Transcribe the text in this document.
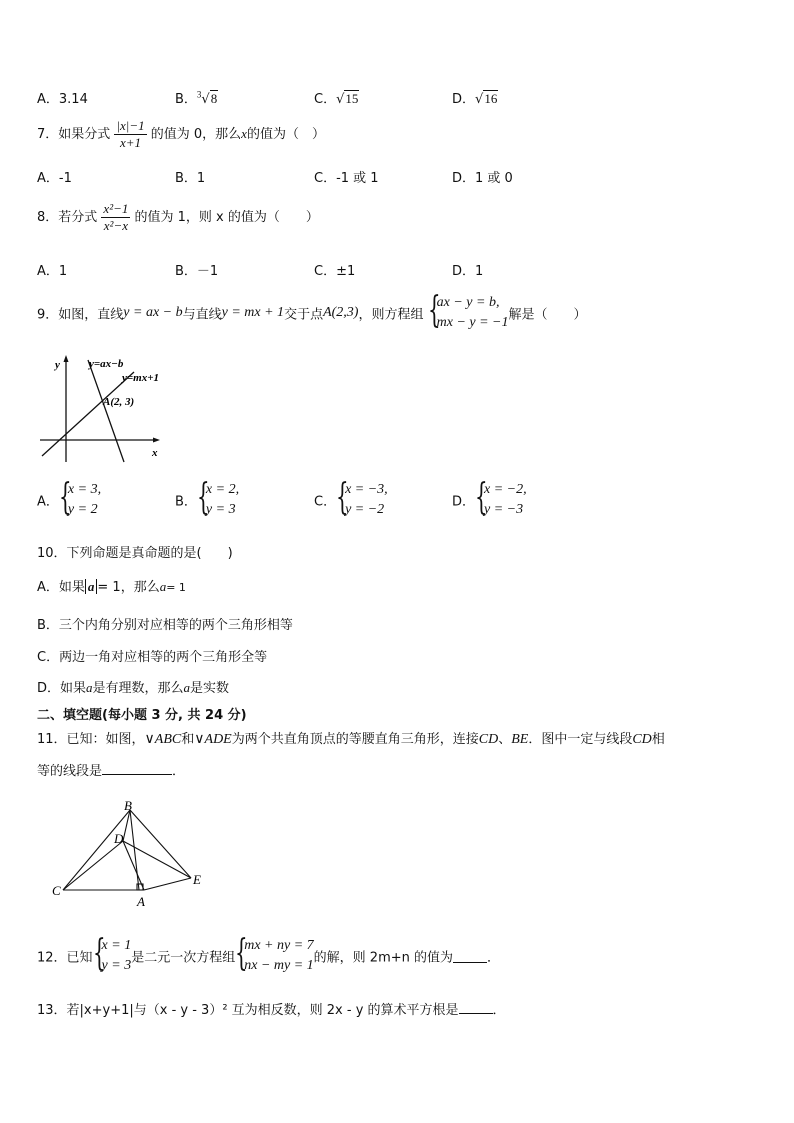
A．3.14	B．$^3$√8	C．√15	D．√16
7．如果分式 $\frac{|x|-1}{x+1}$ 的值为 0，那么x的值为（　）
A．-1	B．1	C．-1 或 1	D．1 或 0
8．若分式 $\frac{\text{x²−1}}{\text{x²−x}}$ 的值为 1，则 x 的值为（　　）
A．1	B．－1	C．±1	D．1
9．如图，直线y = ax − b与直线y = mx + 1交于点A(2,3)，则方程组 {
ax − y = b,
mx − y = −1 解是（　　）
y
x
y=ax−b
y=mx+1
A(2, 3)
A． {
x = 3,
y = 2	B． {
x = 2,
y = 3	C． {
x = −3,
y = −2	D． {
x = −2,
y = −3
10．下列命题是真命题的是(　　)
A．如果 a = 1，那么a= 1
B．三个内角分别对应相等的两个三角形相等
C．两边一角对应相等的两个三角形全等
D．如果a是有理数，那么a是实数
二、填空题(每小题 3 分, 共 24 分)
11．已知：如图，∨ABC和∨ADE为两个共直角顶点的等腰直角三角形，连接CD、BE．图中一定与线段CD相
等的线段是	．
B
D
E
C
A
12．已知 {
x = 1
y = 3 是二元一次方程组 {
mx + ny = 7
nx − my = 1 的解，则 2m+n 的值为	．
13．若|x+y+1|与（x - y - 3）² 互为相反数，则 2x - y 的算术平方根是	．
